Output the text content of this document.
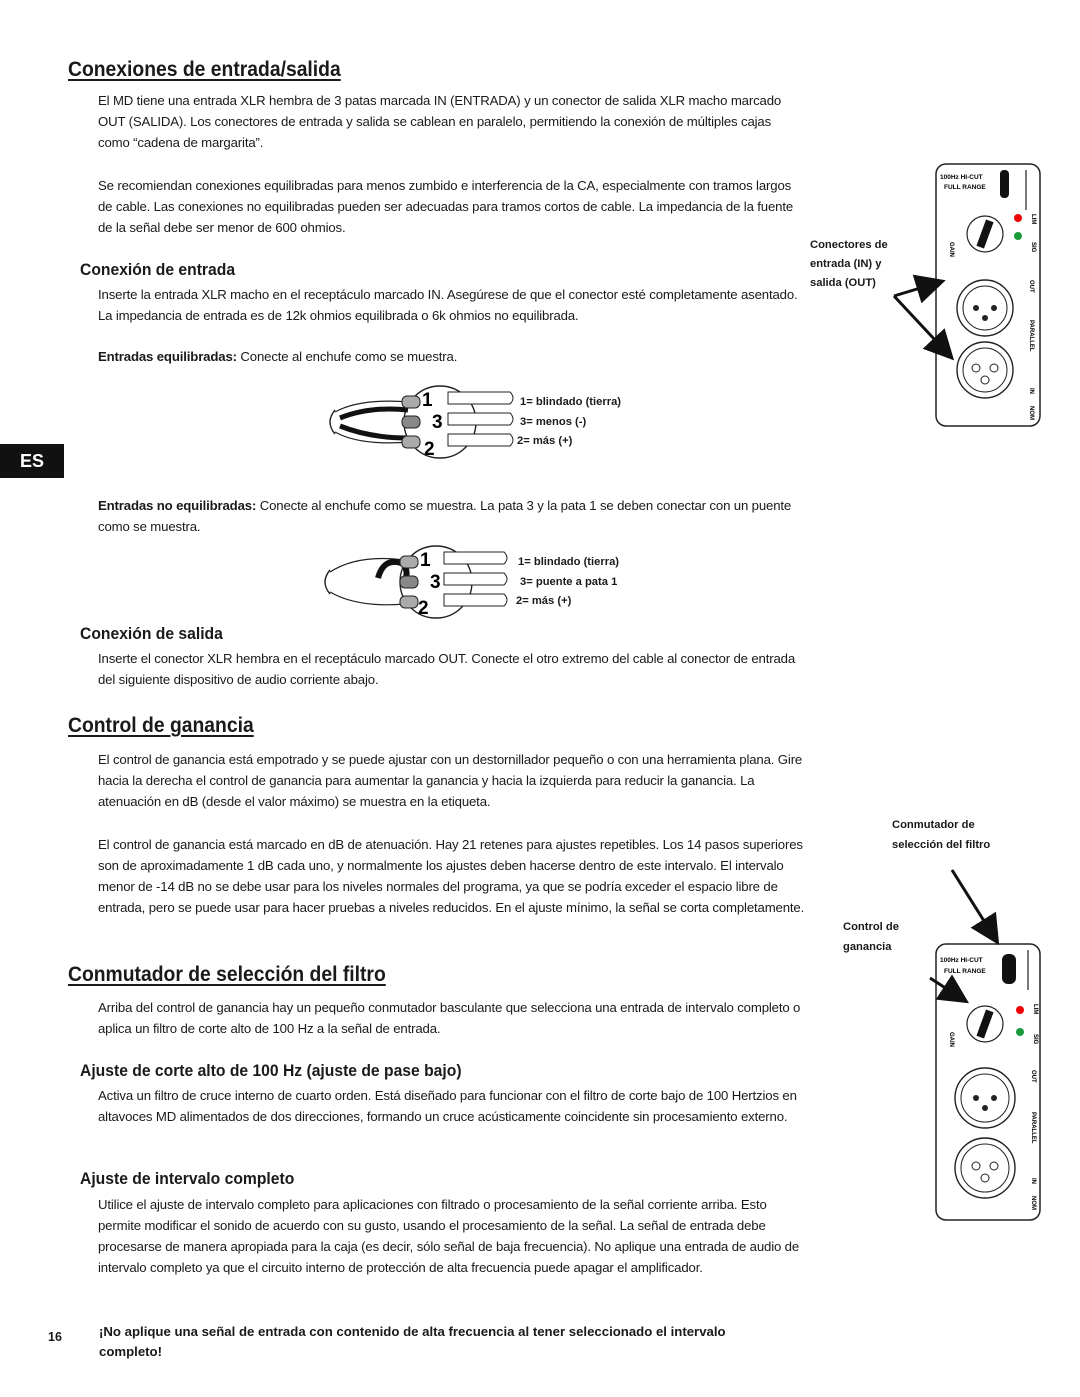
ES
Conexiones de entrada/salida

El MD tiene una entrada XLR hembra de 3 patas marcada IN (ENTRADA) y un conector de salida XLR macho marcado OUT (SALIDA). Los conectores de entrada y salida se cablean en paralelo, permitiendo la conexión de múltiples cajas como “cadena de margarita”.

Se recomiendan conexiones equilibradas para menos zumbido e interferencia de la CA, especialmente con tramos largos de cable. Las conexiones no equilibradas pueden ser adecuadas para tramos cortos de cable. La impedancia de la fuente de la señal debe ser menor de 600 ohmios.

Conexión de entrada

Inserte la entrada XLR macho en el receptáculo marcado IN. Asegúrese de que el conector esté completamente asentado. La impedancia de entrada es de 12k ohmios equilibrada o 6k ohmios no equilibrada.

Entradas equilibradas: Conecte al enchufe como se muestra.

1
3
2
1= blindado (tierra)
3= menos (-)
2= más (+)

Entradas no equilibradas: Conecte al enchufe como se muestra. La pata 3 y la pata 1 se deben conectar con un puente como se muestra.

1
3
2
1= blindado (tierra)
3= puente a pata 1
2= más (+)
Conexión de salida

Inserte el conector XLR hembra en el receptáculo marcado OUT. Conecte el otro extremo del cable al conector de entrada del siguiente dispositivo de audio corriente abajo.

Control de ganancia

El control de ganancia está empotrado y se puede ajustar con un destornillador pequeño o con una herramienta plana. Gire hacia la derecha el control de ganancia para aumentar la ganancia y hacia la izquierda para reducir la ganancia. La atenuación en dB (desde el valor máximo) se muestra en la etiqueta.

El control de ganancia está marcado en dB de atenuación. Hay 21 retenes para ajustes repetibles. Los 14 pasos superiores son de aproximadamente 1 dB cada uno, y normalmente los ajustes deben hacerse dentro de este intervalo. El intervalo menor de -14 dB no se debe usar para los niveles normales del programa, ya que se podría exceder el espacio libre de entrada, pero se puede usar para hacer pruebas a niveles reducidos. En el ajuste mínimo, la señal se corta completamente.

Conmutador de selección del filtro

Arriba del control de ganancia hay un pequeño conmutador basculante que selecciona una entrada de intervalo completo o aplica un filtro de corte alto de 100 Hz a la señal de entrada.

Ajuste de corte alto de 100 Hz (ajuste de pase bajo)

Activa un filtro de cruce interno de cuarto orden. Está diseñado para funcionar con el filtro de corte bajo de 100 Hertzios en altavoces MD alimentados de dos direcciones, formando un cruce acústicamente coincidente sin procesamiento externo.

Ajuste de intervalo completo

Utilice el ajuste de intervalo completo para aplicaciones con filtrado o procesamiento de la señal corriente arriba. Esto permite modificar el sonido de acuerdo con su gusto, usando el procesamiento de la señal. La señal de entrada debe procesarse de manera apropiada para la caja (es decir, sólo señal de baja frecuencia). No aplique una entrada de audio de intervalo completo ya que el circuito interno de protección de alta frecuencia puede apagar el amplificador.

16	¡No aplique una señal de entrada con contenido de alta frecuencia al tener seleccionado el intervalo completo!

Conectores de
entrada (IN) y
salida (OUT)
Conmutador de
selección del filtro
Control de
ganancia
100Hz HI-CUT
FULL RANGE
GAIN
LIM
SIG
OUT
PARALLEL
IN
NOM
100Hz HI-CUT
FULL RANGE
GAIN
LIM
SIG
OUT
PARALLEL
IN
NOM
